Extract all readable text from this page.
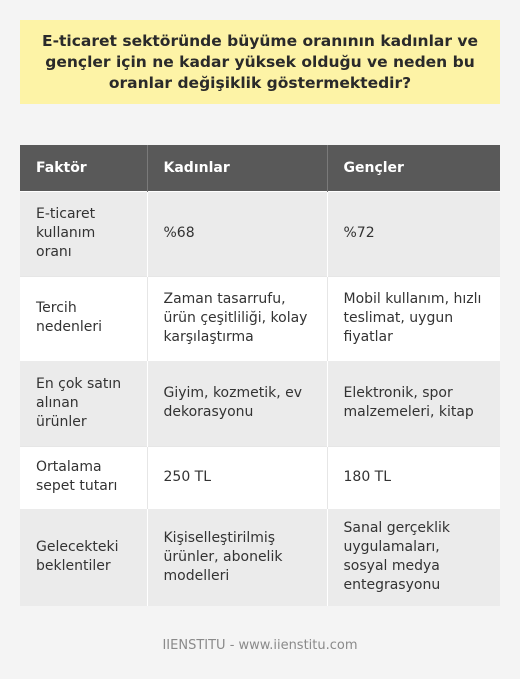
E-ticaret sektöründe büyüme oranının kadınlar ve gençler için ne kadar yüksek olduğu ve neden bu oranlar değişiklik göstermektedir?
Faktör	Kadınlar	Gençler
E-ticaret kullanım oranı	%68	%72
Tercih nedenleri	Zaman tasarrufu, ürün çeşitliliği, kolay karşılaştırma	Mobil kullanım, hızlı teslimat, uygun fiyatlar
En çok satın alınan ürünler	Giyim, kozmetik, ev dekorasyonu	Elektronik, spor malzemeleri, kitap
Ortalama sepet tutarı	250 TL	180 TL
Gelecekteki beklentiler	Kişiselleştirilmiş ürünler, abonelik modelleri	Sanal gerçeklik uygulamaları, sosyal medya entegrasyonu
IIENSTITU - www.iienstitu.com
